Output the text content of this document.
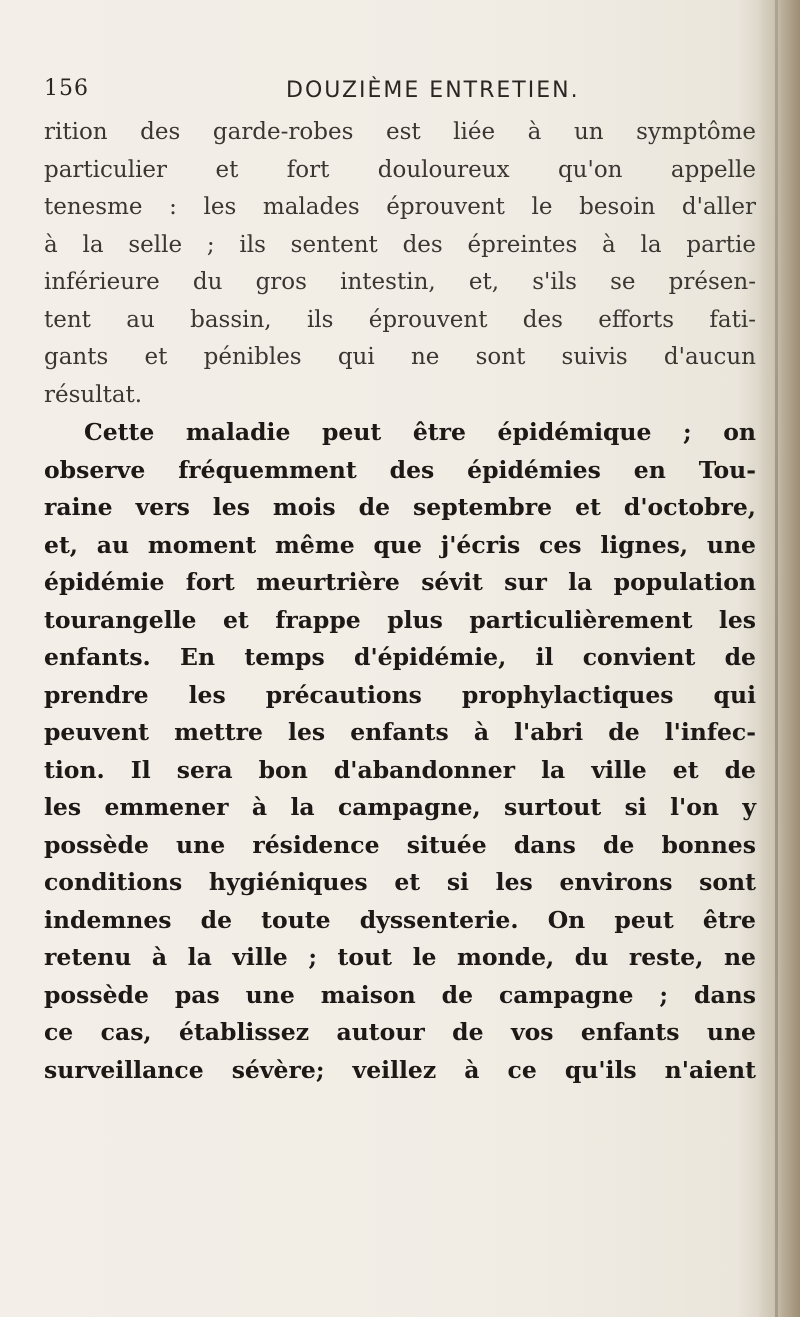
156	DOUZIÈME ENTRETIEN.
rition des garde-robes est liée à un symptôme
particulier et fort douloureux qu'on appelle
tenesme : les malades éprouvent le besoin d'aller
à la selle ; ils sentent des épreintes à la partie
inférieure du gros intestin, et, s'ils se présen-
tent au bassin, ils éprouvent des efforts fati-
gants et pénibles qui ne sont suivis d'aucun
résultat.
Cette maladie peut être épidémique ; on
observe fréquemment des épidémies en Tou-
raine vers les mois de septembre et d'octobre,
et, au moment même que j'écris ces lignes, une
épidémie fort meurtrière sévit sur la population
tourangelle et frappe plus particulièrement les
enfants. En temps d'épidémie, il convient de
prendre les précautions prophylactiques qui
peuvent mettre les enfants à l'abri de l'infec-
tion. Il sera bon d'abandonner la ville et de
les emmener à la campagne, surtout si l'on y
possède une résidence située dans de bonnes
conditions hygiéniques et si les environs sont
indemnes de toute dyssenterie. On peut être
retenu à la ville ; tout le monde, du reste, ne
possède pas une maison de campagne ; dans
ce cas, établissez autour de vos enfants une
surveillance sévère; veillez à ce qu'ils n'aient
